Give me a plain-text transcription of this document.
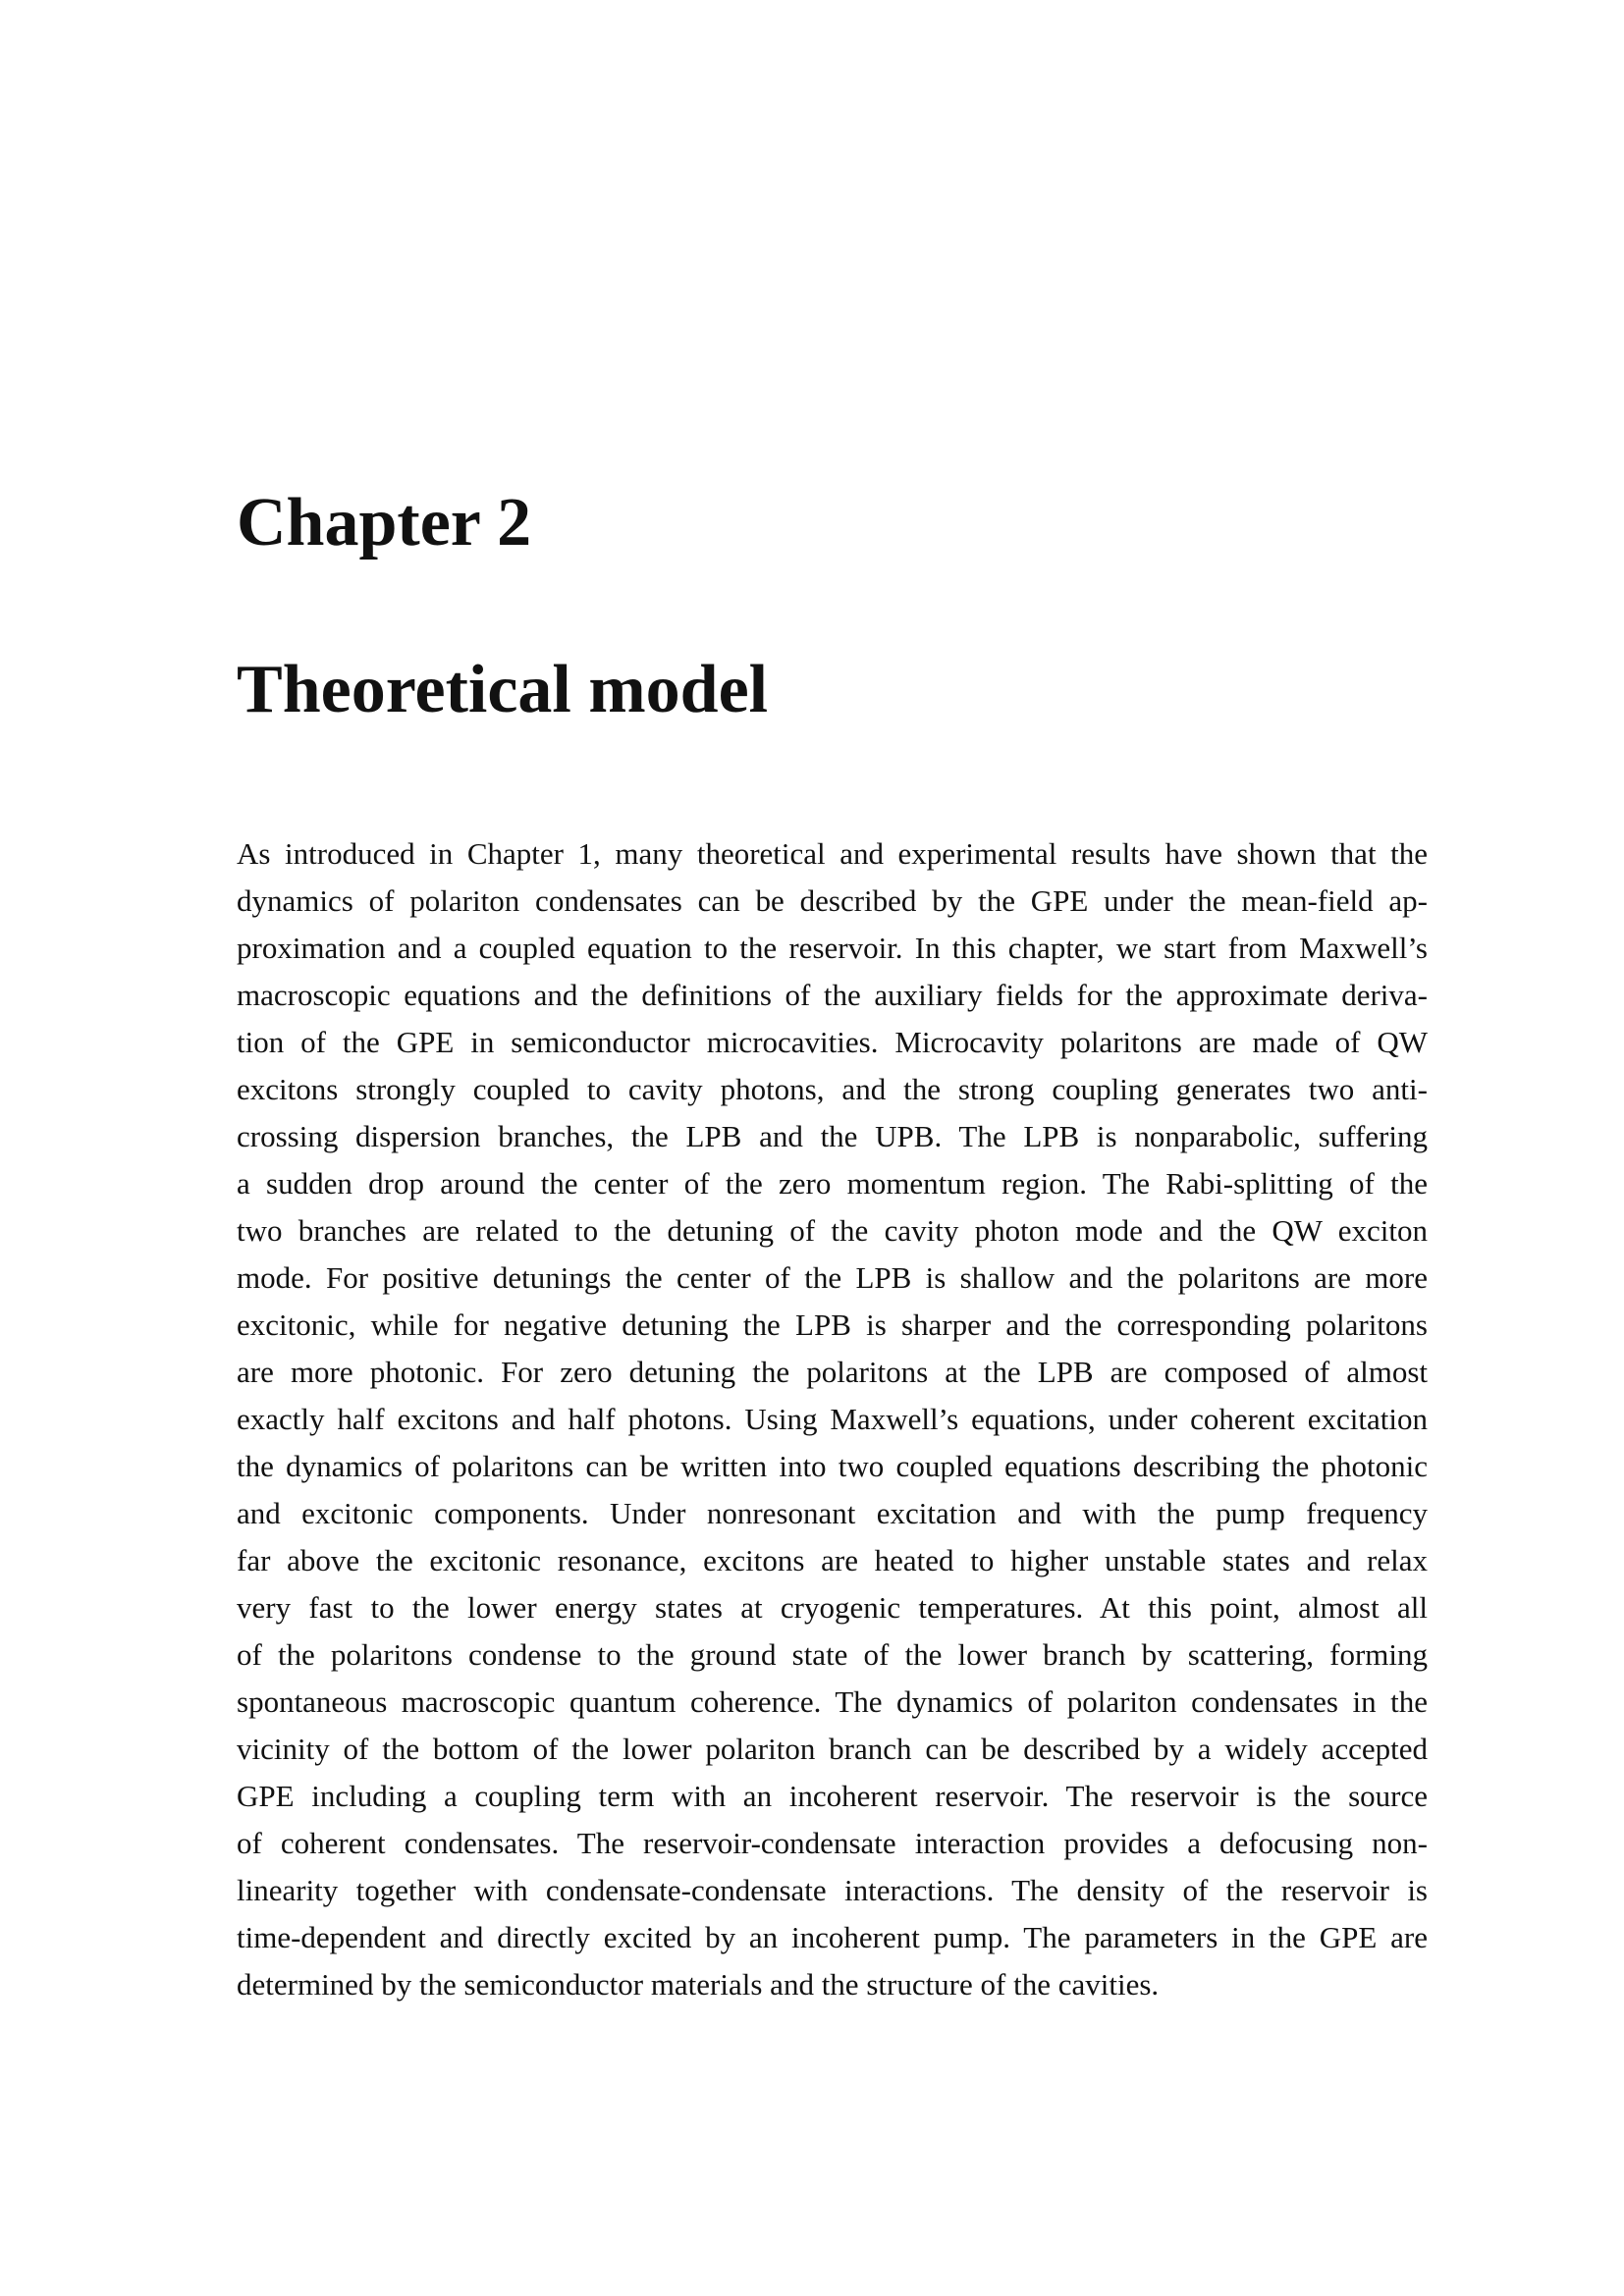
Chapter 2
Theoretical model
As introduced in Chapter 1, many theoretical and experimental results have shown that the
dynamics of polariton condensates can be described by the GPE under the mean-field ap-
proximation and a coupled equation to the reservoir. In this chapter, we start from Maxwell’s
macroscopic equations and the definitions of the auxiliary fields for the approximate deriva-
tion of the GPE in semiconductor microcavities. Microcavity polaritons are made of QW
excitons strongly coupled to cavity photons, and the strong coupling generates two anti-
crossing dispersion branches, the LPB and the UPB. The LPB is nonparabolic, suffering
a sudden drop around the center of the zero momentum region. The Rabi-splitting of the
two branches are related to the detuning of the cavity photon mode and the QW exciton
mode. For positive detunings the center of the LPB is shallow and the polaritons are more
excitonic, while for negative detuning the LPB is sharper and the corresponding polaritons
are more photonic. For zero detuning the polaritons at the LPB are composed of almost
exactly half excitons and half photons. Using Maxwell’s equations, under coherent excitation
the dynamics of polaritons can be written into two coupled equations describing the photonic
and excitonic components. Under nonresonant excitation and with the pump frequency
far above the excitonic resonance, excitons are heated to higher unstable states and relax
very fast to the lower energy states at cryogenic temperatures. At this point, almost all
of the polaritons condense to the ground state of the lower branch by scattering, forming
spontaneous macroscopic quantum coherence. The dynamics of polariton condensates in the
vicinity of the bottom of the lower polariton branch can be described by a widely accepted
GPE including a coupling term with an incoherent reservoir. The reservoir is the source
of coherent condensates. The reservoir-condensate interaction provides a defocusing non-
linearity together with condensate-condensate interactions. The density of the reservoir is
time-dependent and directly excited by an incoherent pump. The parameters in the GPE are
determined by the semiconductor materials and the structure of the cavities.
